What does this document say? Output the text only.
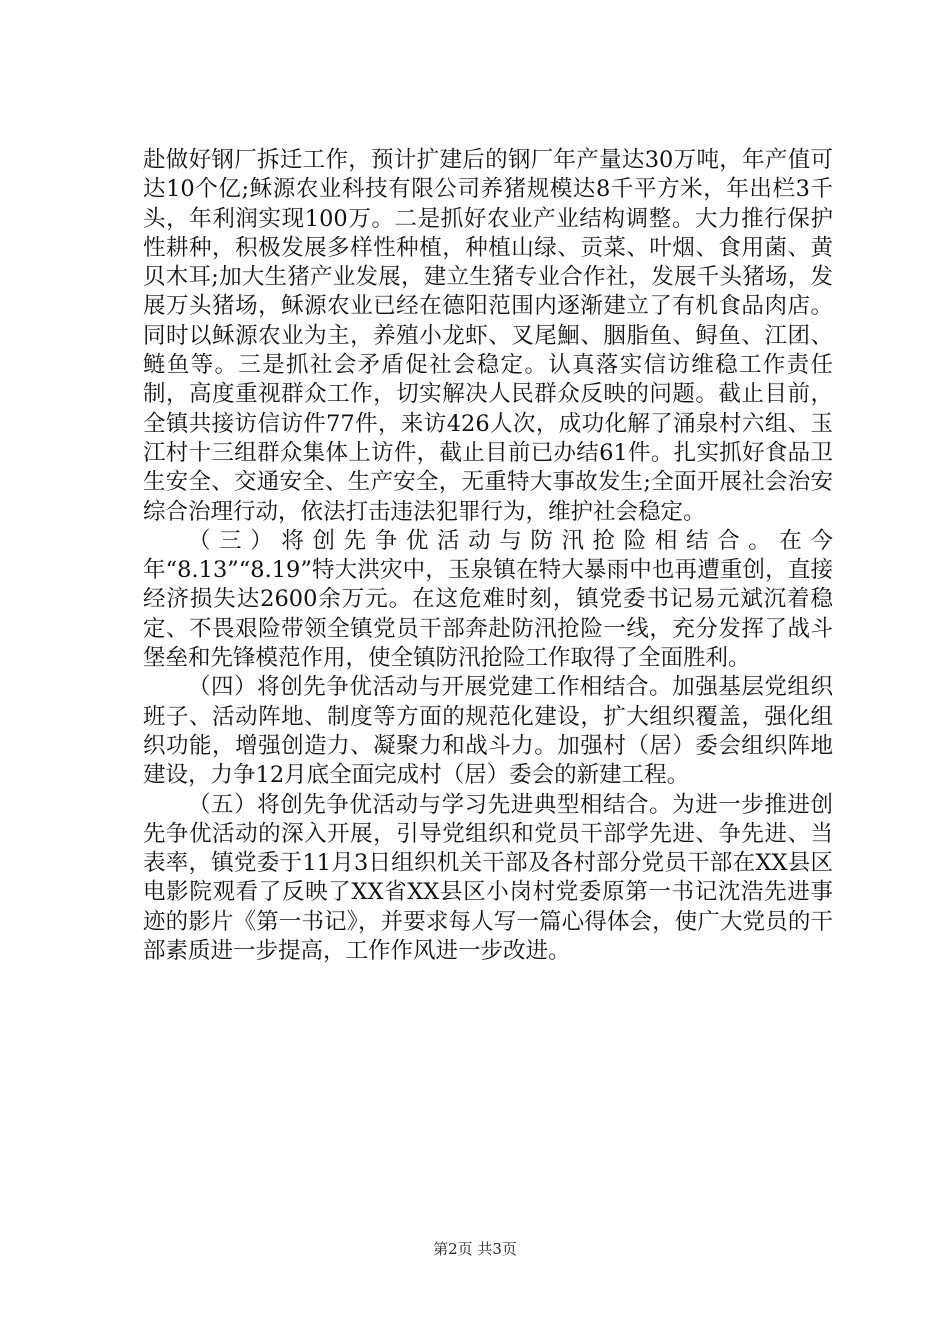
赴做好钢厂拆迁工作，预计扩建后的钢厂年产量达30万吨，年产值可达10个亿;稣源农业科技有限公司养猪规模达8千平方米，年出栏3千头，年利润实现100万。二是抓好农业产业结构调整。大力推行保护性耕种，积极发展多样性种植，种植山绿、贡菜、叶烟、食用菌、黄贝木耳;加大生猪产业发展，建立生猪专业合作社，发展千头猪场，发展万头猪场，稣源农业已经在德阳范围内逐渐建立了有机食品肉店。同时以稣源农业为主，养殖小龙虾、叉尾鮰、胭脂鱼、鲟鱼、江团、鲢鱼等。三是抓社会矛盾促社会稳定。认真落实信访维稳工作责任制，高度重视群众工作，切实解决人民群众反映的问题。截止目前，全镇共接访信访件77件，来访426人次，成功化解了涌泉村六组、玉江村十三组群众集体上访件，截止目前已办结61件。扎实抓好食品卫生安全、交通安全、生产安全，无重特大事故发生;全面开展社会治安综合治理行动，依法打击违法犯罪行为，维护社会稳定。

（三）将创先争优活动与防汛抢险相结合。在今年“8.13”“8.19”特大洪灾中，玉泉镇在特大暴雨中也再遭重创，直接经济损失达2600余万元。在这危难时刻，镇党委书记易元斌沉着稳定、不畏艰险带领全镇党员干部奔赴防汛抢险一线，充分发挥了战斗堡垒和先锋模范作用，使全镇防汛抢险工作取得了全面胜利。

（四）将创先争优活动与开展党建工作相结合。加强基层党组织班子、活动阵地、制度等方面的规范化建设，扩大组织覆盖，强化组织功能，增强创造力、凝聚力和战斗力。加强村（居）委会组织阵地建设，力争12月底全面完成村（居）委会的新建工程。

（五）将创先争优活动与学习先进典型相结合。为进一步推进创先争优活动的深入开展，引导党组织和党员干部学先进、争先进、当表率，镇党委于11月3日组织机关干部及各村部分党员干部在XX县区电影院观看了反映了XX省XX县区小岗村党委原第一书记沈浩先进事迹的影片《第一书记》，并要求每人写一篇心得体会，使广大党员的干部素质进一步提高，工作作风进一步改进。

第2页 共3页
